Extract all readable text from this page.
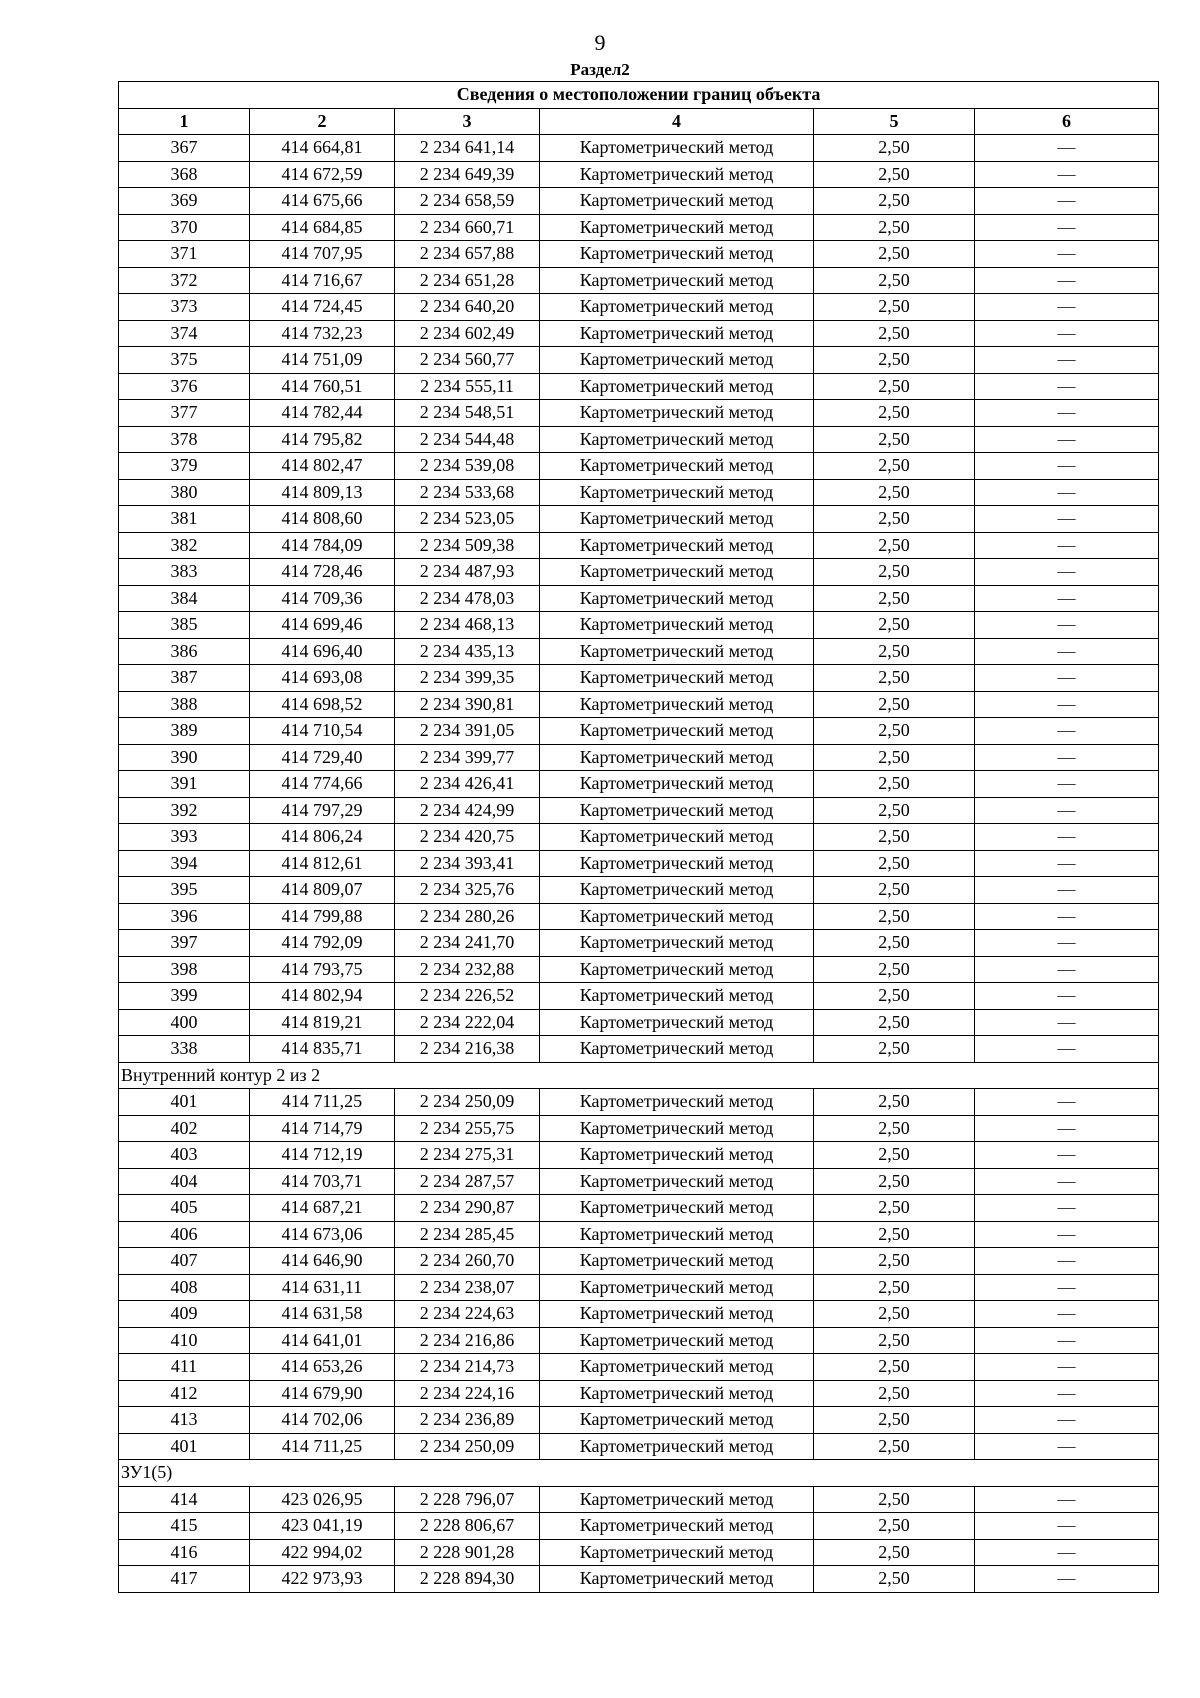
9
Раздел2
Сведения о местоположении границ объекта					
1	2	3	4	5	6
367	414 664,81	2 234 641,14	Картометрический метод	2,50	—
368	414 672,59	2 234 649,39	Картометрический метод	2,50	—
369	414 675,66	2 234 658,59	Картометрический метод	2,50	—
370	414 684,85	2 234 660,71	Картометрический метод	2,50	—
371	414 707,95	2 234 657,88	Картометрический метод	2,50	—
372	414 716,67	2 234 651,28	Картометрический метод	2,50	—
373	414 724,45	2 234 640,20	Картометрический метод	2,50	—
374	414 732,23	2 234 602,49	Картометрический метод	2,50	—
375	414 751,09	2 234 560,77	Картометрический метод	2,50	—
376	414 760,51	2 234 555,11	Картометрический метод	2,50	—
377	414 782,44	2 234 548,51	Картометрический метод	2,50	—
378	414 795,82	2 234 544,48	Картометрический метод	2,50	—
379	414 802,47	2 234 539,08	Картометрический метод	2,50	—
380	414 809,13	2 234 533,68	Картометрический метод	2,50	—
381	414 808,60	2 234 523,05	Картометрический метод	2,50	—
382	414 784,09	2 234 509,38	Картометрический метод	2,50	—
383	414 728,46	2 234 487,93	Картометрический метод	2,50	—
384	414 709,36	2 234 478,03	Картометрический метод	2,50	—
385	414 699,46	2 234 468,13	Картометрический метод	2,50	—
386	414 696,40	2 234 435,13	Картометрический метод	2,50	—
387	414 693,08	2 234 399,35	Картометрический метод	2,50	—
388	414 698,52	2 234 390,81	Картометрический метод	2,50	—
389	414 710,54	2 234 391,05	Картометрический метод	2,50	—
390	414 729,40	2 234 399,77	Картометрический метод	2,50	—
391	414 774,66	2 234 426,41	Картометрический метод	2,50	—
392	414 797,29	2 234 424,99	Картометрический метод	2,50	—
393	414 806,24	2 234 420,75	Картометрический метод	2,50	—
394	414 812,61	2 234 393,41	Картометрический метод	2,50	—
395	414 809,07	2 234 325,76	Картометрический метод	2,50	—
396	414 799,88	2 234 280,26	Картометрический метод	2,50	—
397	414 792,09	2 234 241,70	Картометрический метод	2,50	—
398	414 793,75	2 234 232,88	Картометрический метод	2,50	—
399	414 802,94	2 234 226,52	Картометрический метод	2,50	—
400	414 819,21	2 234 222,04	Картометрический метод	2,50	—
338	414 835,71	2 234 216,38	Картометрический метод	2,50	—
Внутренний контур 2 из 2					
401	414 711,25	2 234 250,09	Картометрический метод	2,50	—
402	414 714,79	2 234 255,75	Картометрический метод	2,50	—
403	414 712,19	2 234 275,31	Картометрический метод	2,50	—
404	414 703,71	2 234 287,57	Картометрический метод	2,50	—
405	414 687,21	2 234 290,87	Картометрический метод	2,50	—
406	414 673,06	2 234 285,45	Картометрический метод	2,50	—
407	414 646,90	2 234 260,70	Картометрический метод	2,50	—
408	414 631,11	2 234 238,07	Картометрический метод	2,50	—
409	414 631,58	2 234 224,63	Картометрический метод	2,50	—
410	414 641,01	2 234 216,86	Картометрический метод	2,50	—
411	414 653,26	2 234 214,73	Картометрический метод	2,50	—
412	414 679,90	2 234 224,16	Картометрический метод	2,50	—
413	414 702,06	2 234 236,89	Картометрический метод	2,50	—
401	414 711,25	2 234 250,09	Картометрический метод	2,50	—
ЗУ1(5)					
414	423 026,95	2 228 796,07	Картометрический метод	2,50	—
415	423 041,19	2 228 806,67	Картометрический метод	2,50	—
416	422 994,02	2 228 901,28	Картометрический метод	2,50	—
417	422 973,93	2 228 894,30	Картометрический метод	2,50	—
